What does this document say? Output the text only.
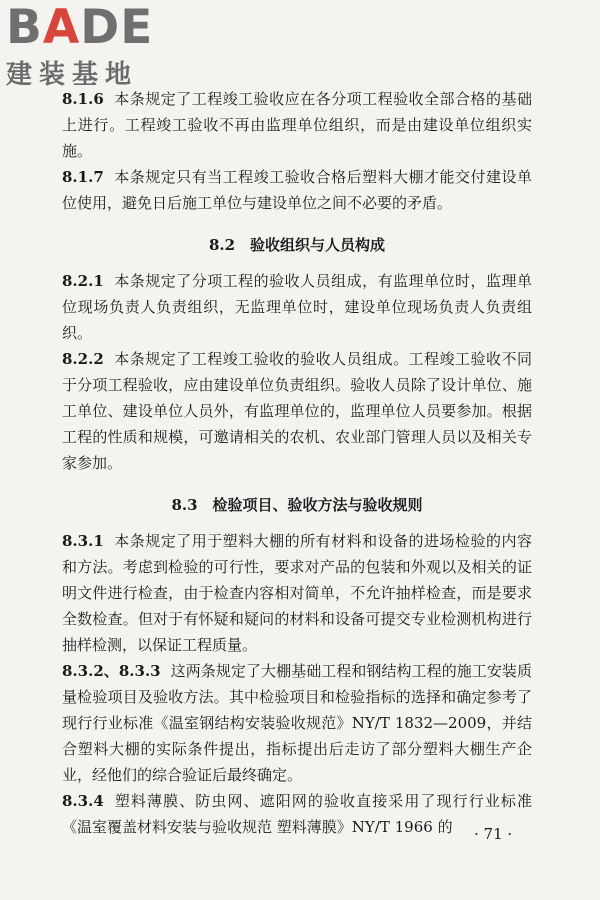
BADE
建装基地

8.1.6 本条规定了工程竣工验收应在各分项工程验收全部合格的基础上进行。工程竣工验收不再由监理单位组织，而是由建设单位组织实施。

8.1.7 本条规定只有当工程竣工验收合格后塑料大棚才能交付建设单位使用，避免日后施工单位与建设单位之间不必要的矛盾。

8.2　验收组织与人员构成

8.2.1 本条规定了分项工程的验收人员组成，有监理单位时，监理单位现场负责人负责组织，无监理单位时，建设单位现场负责人负责组织。

8.2.2 本条规定了工程竣工验收的验收人员组成。工程竣工验收不同于分项工程验收，应由建设单位负责组织。验收人员除了设计单位、施工单位、建设单位人员外，有监理单位的，监理单位人员要参加。根据工程的性质和规模，可邀请相关的农机、农业部门管理人员以及相关专家参加。

8.3　检验项目、验收方法与验收规则

8.3.1 本条规定了用于塑料大棚的所有材料和设备的进场检验的内容和方法。考虑到检验的可行性，要求对产品的包装和外观以及相关的证明文件进行检查，由于检查内容相对简单，不允许抽样检查，而是要求全数检查。但对于有怀疑和疑问的材料和设备可提交专业检测机构进行抽样检测，以保证工程质量。

8.3.2、8.3.3 这两条规定了大棚基础工程和钢结构工程的施工安装质量检验项目及验收方法。其中检验项目和检验指标的选择和确定参考了现行行业标准《温室钢结构安装验收规范》NY/T 1832—2009，并结合塑料大棚的实际条件提出，指标提出后走访了部分塑料大棚生产企业，经他们的综合验证后最终确定。

8.3.4 塑料薄膜、防虫网、遮阳网的验收直接采用了现行行业标准《温室覆盖材料安装与验收规范 塑料薄膜》NY/T 1966 的	· 71 ·
